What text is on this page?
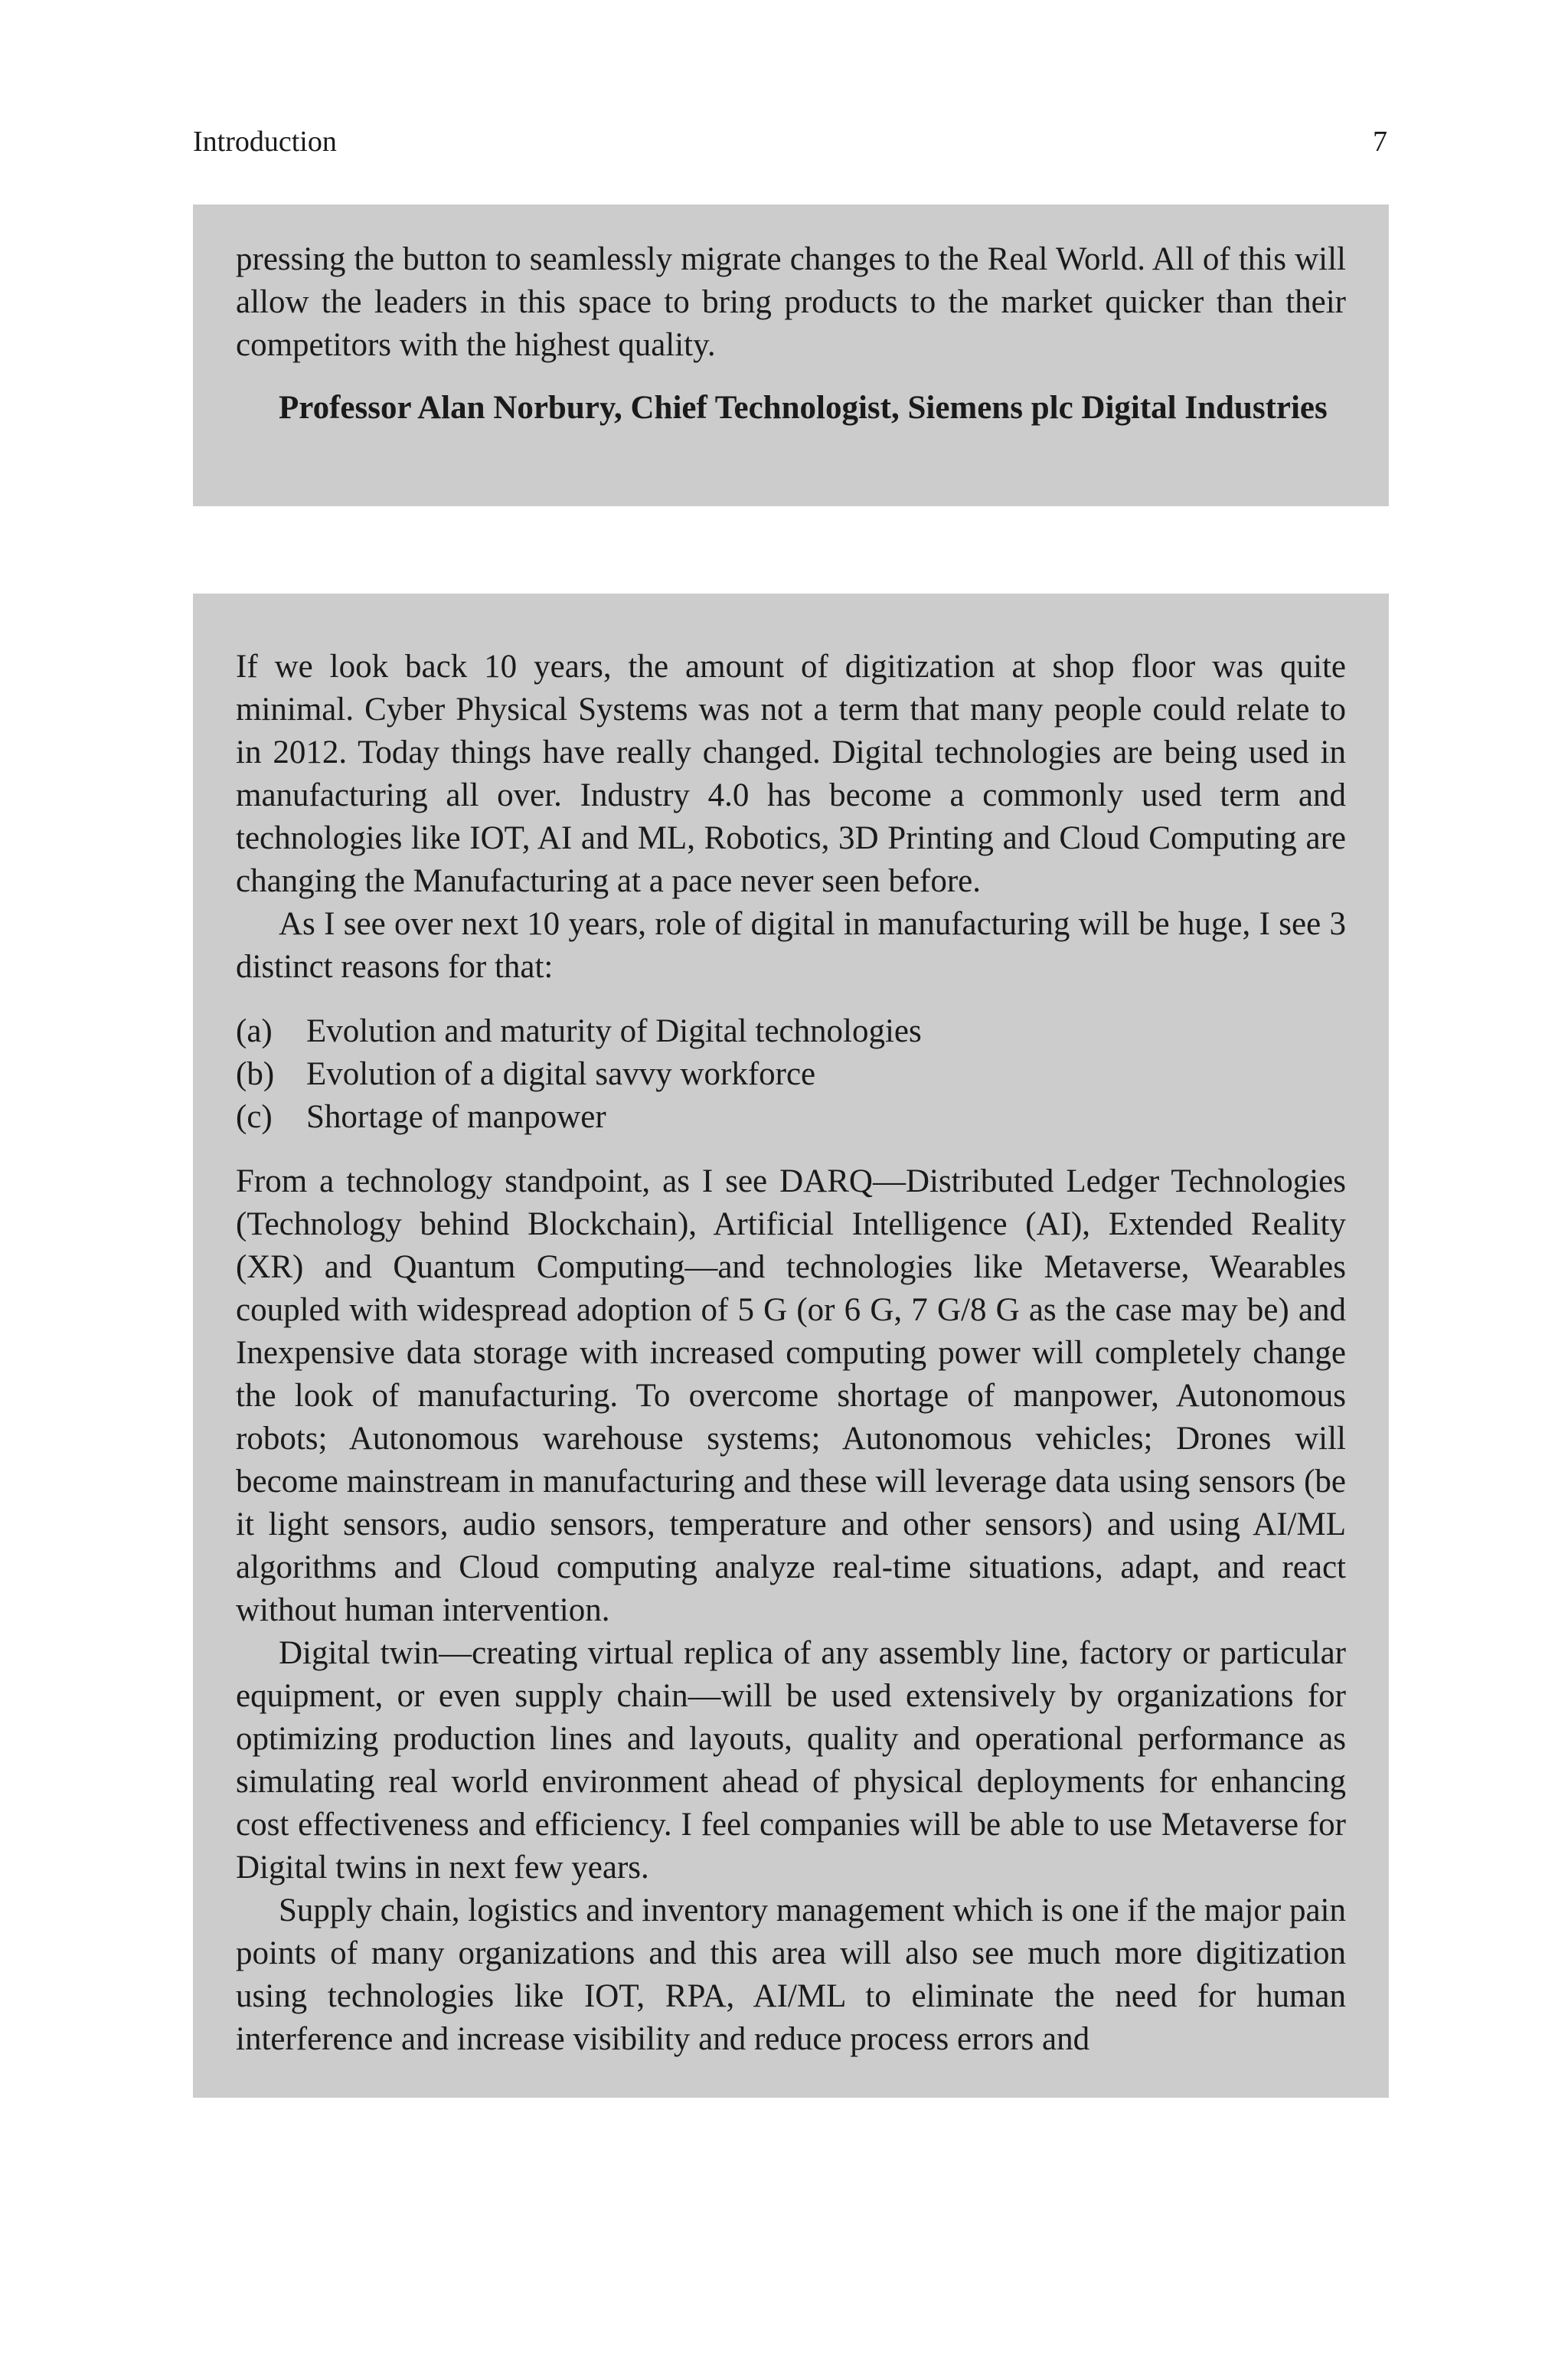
Introduction	7

pressing the button to seamlessly migrate changes to the Real World. All of this will allow the leaders in this space to bring products to the market quicker than their competitors with the highest quality.

Professor Alan Norbury, Chief Technologist, Siemens plc Digital Industries

If we look back 10 years, the amount of digitization at shop floor was quite minimal. Cyber Physical Systems was not a term that many people could relate to in 2012. Today things have really changed. Digital technologies are being used in manufacturing all over. Industry 4.0 has become a commonly used term and technologies like IOT, AI and ML, Robotics, 3D Printing and Cloud Computing are changing the Manufacturing at a pace never seen before.

As I see over next 10 years, role of digital in manufacturing will be huge, I see 3 distinct reasons for that:

(a) Evolution and maturity of Digital technologies
(b) Evolution of a digital savvy workforce
(c) Shortage of manpower

From a technology standpoint, as I see DARQ—Distributed Ledger Technologies (Technology behind Blockchain), Artificial Intelligence (AI), Extended Reality (XR) and Quantum Computing—and technologies like Metaverse, Wearables coupled with widespread adoption of 5 G (or 6 G, 7 G/8 G as the case may be) and Inexpensive data storage with increased computing power will completely change the look of manufacturing. To overcome shortage of manpower, Autonomous robots; Autonomous warehouse systems; Autonomous vehicles; Drones will become mainstream in manufacturing and these will leverage data using sensors (be it light sensors, audio sensors, temperature and other sensors) and using AI/ML algorithms and Cloud computing analyze real-time situations, adapt, and react without human intervention.

Digital twin—creating virtual replica of any assembly line, factory or particular equipment, or even supply chain—will be used extensively by organizations for optimizing production lines and layouts, quality and operational performance as simulating real world environment ahead of physical deployments for enhancing cost effectiveness and efficiency. I feel companies will be able to use Metaverse for Digital twins in next few years.

Supply chain, logistics and inventory management which is one if the major pain points of many organizations and this area will also see much more digitization using technologies like IOT, RPA, AI/ML to eliminate the need for human interference and increase visibility and reduce process errors and
